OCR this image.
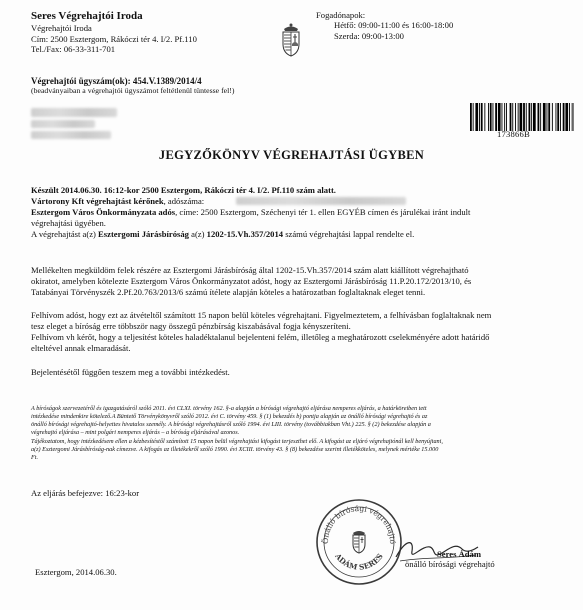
Seres Végrehajtói Iroda
Végrehajtói Iroda
Cím: 2500 Esztergom, Rákóczi tér 4. I/2. Pf.110
Tel./Fax: 06-33-311-701
Fogadónapok:
Hétfő: 09:00-11:00 és 16:00-18:00
Szerda: 09:00-13:00
Végrehajtói ügyszám(ok): 454.V.1389/2014/4
(beadványaiban a végrehajtói ügyszámot feltétlenül tüntesse fel!)
173866B
JEGYZŐKÖNYV VÉGREHAJTÁSI ÜGYBEN
Készült 2014.06.30. 16:12-kor 2500 Esztergom, Rákóczi tér 4. I/2. Pf.110 szám alatt.
Vártorony Kft végrehajtást kérőnek, adószáma:
Esztergom Város Önkormányzata adós, címe: 2500 Esztergom, Széchenyi tér 1. ellen EGYÉB címen és járulékai iránt indult
végrehajtási ügyében.
A végrehajtást a(z) Esztergomi Járásbíróság a(z) 1202-15.Vh.357/2014 számú végrehajtási lappal rendelte el.
Mellékelten megküldöm felek részére az Esztergomi Járásbíróság által 1202-15.Vh.357/2014 szám alatt kiállított végrehajtható
okiratot, amelyben kötelezte Esztergom Város Önkormányzatot adóst, hogy az Esztergomi Járásbíróság 11.P.20.172/2013/10, és
Tatabányai Törvényszék 2.Pf.20.763/2013/6 számú ítélete alapján köteles a határozatban foglaltaknak eleget tenni.
Felhívom adóst, hogy ezt az átvételtől számított 15 napon belül köteles végrehajtani. Figyelmeztetem, a felhívásban foglaltaknak nem
tesz eleget a bíróság erre többször nagy összegű pénzbírság kiszabásával fogja kényszeríteni.
Felhívom vh kérőt, hogy a teljesítést köteles haladéktalanul bejelenteni felém, illetőleg a meghatározott cselekményére adott határidő
elteltével annak elmaradását.
Bejelentésétől függően teszem meg a további intézkedést.
A bíróságok szervezetéről és igazgatásáról szóló 2011. évi CLXI. törvény 162. §-a alapján a bírósági végrehajtó eljárása nemperes eljárás, a határköreiben tett
intézkedése mindenkire kötelező.A Büntető Törvénykönyvről szóló 2012. évi C. törvény 459. § (1) bekezdés b) pontja alapján az önálló bírósági végrehajtó és az
önálló bírósági végrehajtó-helyettes hivatalos személy. A bírósági végrehajtásról szóló 1994. évi LIII. törvény (továbbiakban Vht.) 225. § (2) bekezdése alapján a
végrehajtó eljárása – mint polgári nemperes eljárás – a bíróság eljárásával azonos.
Tájékoztatom, hogy intézkedésem ellen a kézbesítéstől számított 15 napon belül végrehajtási kifogást terjeszthet elő. A kifogást az eljáró végrehajtónál kell benyújtani,
a(z) Esztergomi Járásbíróság-nak címezve. A kifogás az illetékekről szóló 1990. évi XCIII. törvény 43. § (8) bekezdése szerint illetékköteles, melynek mértéke 15.000
Ft.
Az eljárás befejezve: 16:23-kor
Esztergom, 2014.06.30.
Önálló bírósági végrehajtó
ADÁM SERES	Seres Ádám
önálló bírósági végrehajtó
